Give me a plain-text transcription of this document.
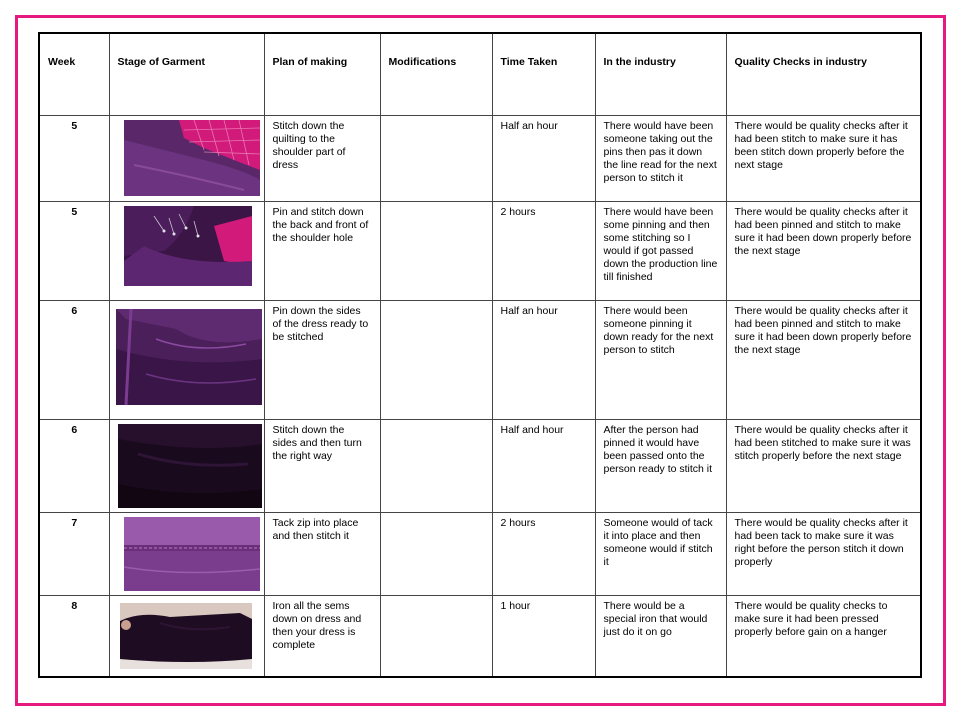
Week	Stage of Garment	Plan of making	Modifications	Time Taken	In the industry	Quality Checks in industry
5		Stitch down the quilting to the shoulder part of dress		Half an hour	There would have been someone taking out the pins then pas it down the line read for the next person to stitch it	There would be quality checks after it had been stitch to make sure it has been stitch down properly before the next stage
5		Pin and stitch down the back and front of the shoulder hole		2 hours	There would have been some pinning and then some stitching so I would if got passed down the production line till finished	There would be quality checks after it had been pinned and stitch to make sure it had been down properly before the next stage
6		Pin down the sides of the dress ready to be stitched		Half an hour	There would been someone pinning it down ready for the next person to stitch	There would be quality checks after it had been pinned and stitch to make sure it had been down properly before the next stage
6		Stitch down the sides and then turn the right way		Half and hour	After the person had pinned it would have been passed onto the person ready to stitch it	There would be quality checks after it had been stitched to make sure it was stitch properly before the next stage
7		Tack zip into place and then stitch it		2 hours	Someone would of tack it into place and then someone would if stitch it	There would be quality checks after it had been tack to make sure it was right before the person stitch it down properly
8		Iron all the sems down on dress and then your dress is complete		1 hour	There would be a special iron that would just do it on go	There would be quality checks to make sure it had been pressed properly before gain on a hanger
